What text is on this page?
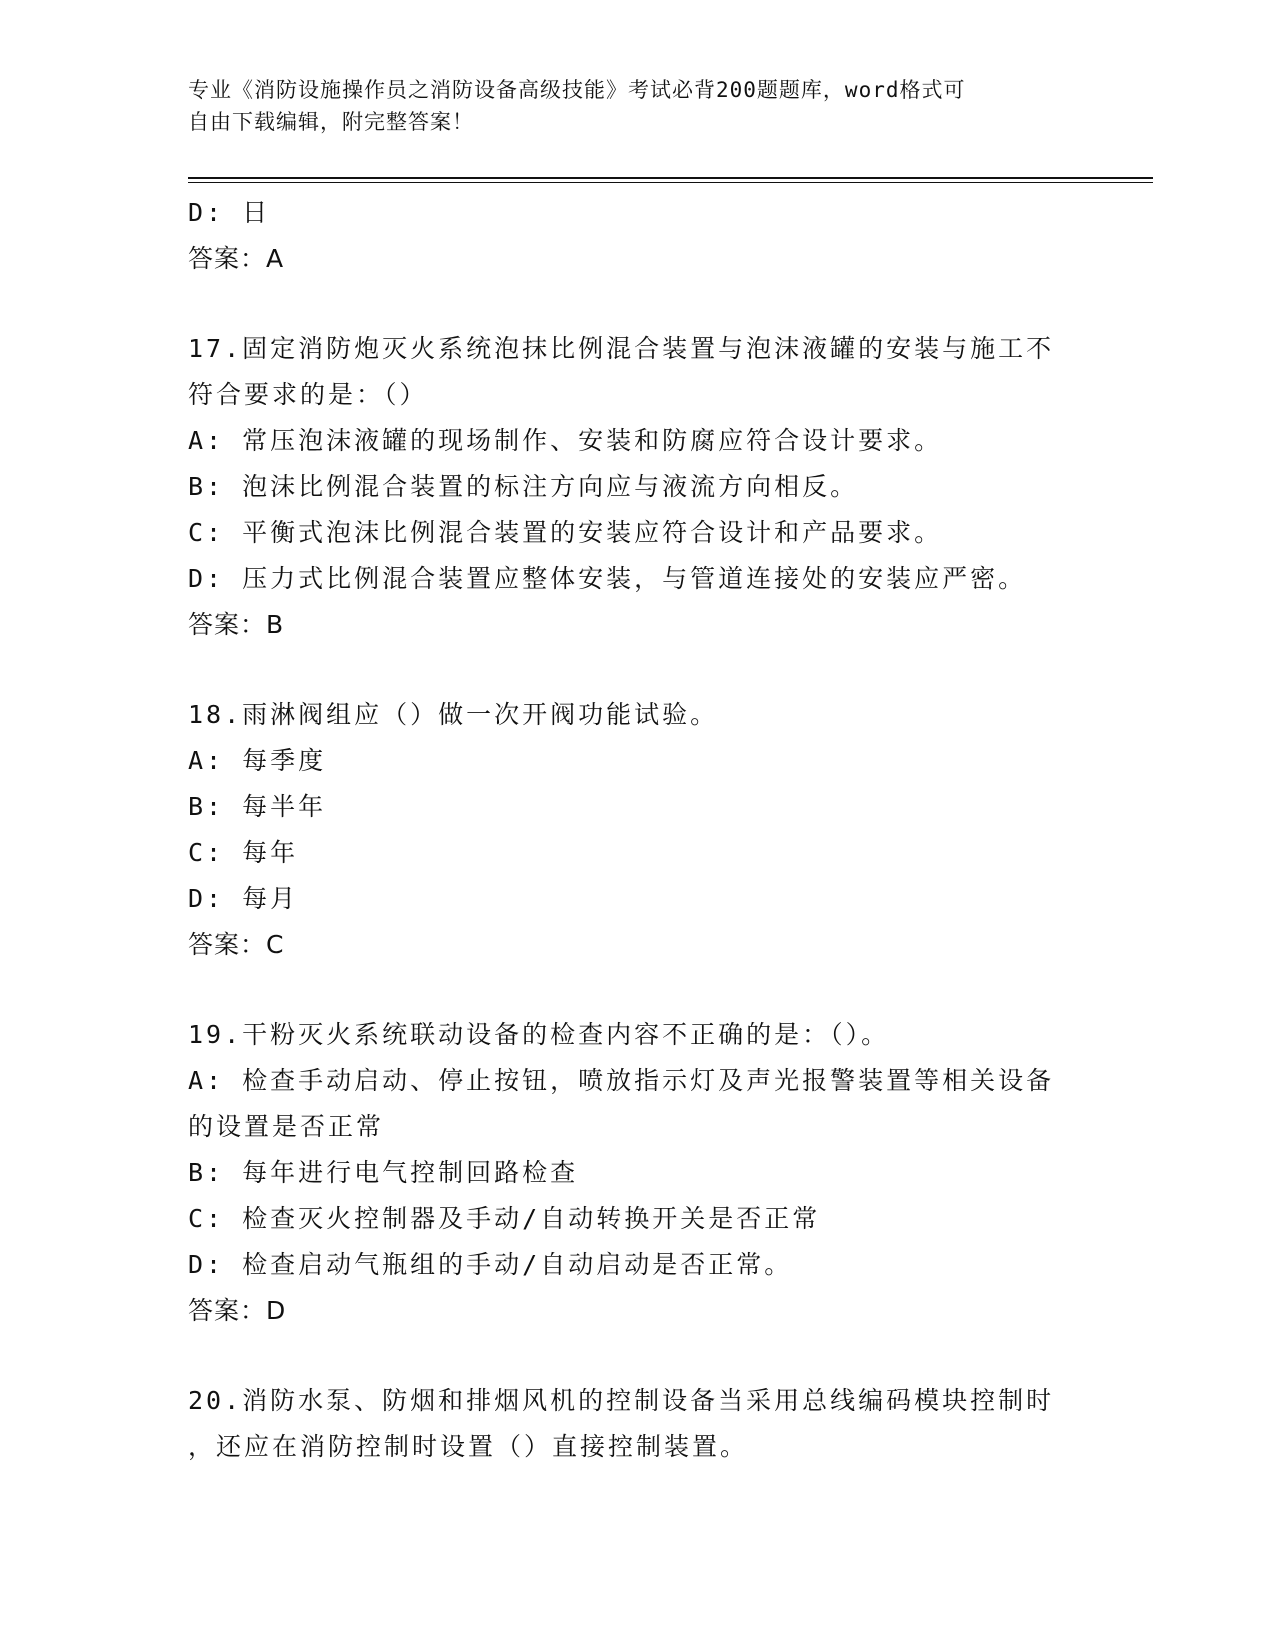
专业《消防设施操作员之消防设备高级技能》考试必背200题题库，word格式可
自由下载编辑，附完整答案！
D: 日
答案：A
17.固定消防炮灭火系统泡抹比例混合装置与泡沫液罐的安装与施工不
符合要求的是：（）
A: 常压泡沫液罐的现场制作、安装和防腐应符合设计要求。
B: 泡沫比例混合装置的标注方向应与液流方向相反。
C: 平衡式泡沫比例混合装置的安装应符合设计和产品要求。
D: 压力式比例混合装置应整体安装，与管道连接处的安装应严密。
答案：B
18.雨淋阀组应（）做一次开阀功能试验。
A: 每季度
B: 每半年
C: 每年
D: 每月
答案：C
19.干粉灭火系统联动设备的检查内容不正确的是：（）。
A: 检查手动启动、停止按钮，喷放指示灯及声光报警装置等相关设备
的设置是否正常
B: 每年进行电气控制回路检查
C: 检查灭火控制器及手动/自动转换开关是否正常
D: 检查启动气瓶组的手动/自动启动是否正常。
答案：D
20.消防水泵、防烟和排烟风机的控制设备当采用总线编码模块控制时
，还应在消防控制时设置（）直接控制装置。
